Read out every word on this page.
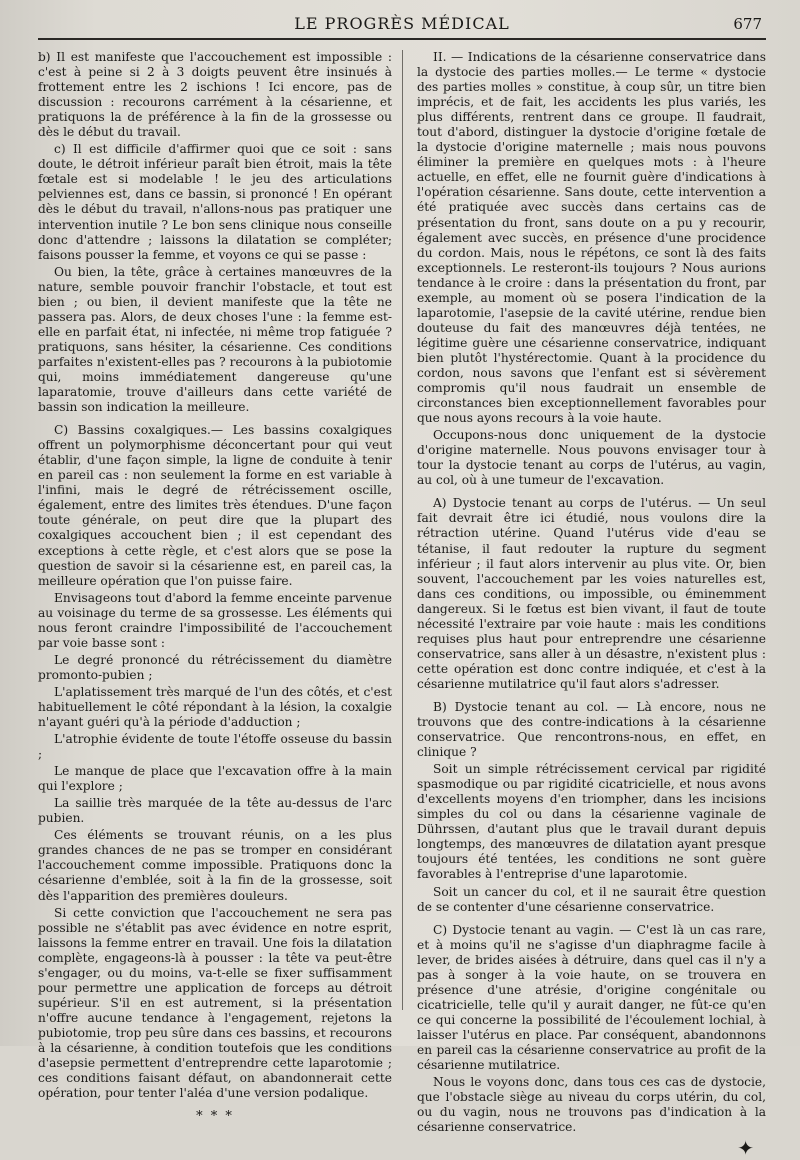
LE PROGRÈS MÉDICAL	677

b) Il est manifeste que l'accouchement est impossible : c'est à peine si 2 à 3 doigts peuvent être insinués à frottement entre les 2 ischions ! Ici encore, pas de discussion : recourons carrément à la césarienne, et pratiquons la de préférence à la fin de la grossesse ou dès le début du travail.

c) Il est difficile d'affirmer quoi que ce soit : sans doute, le détroit inférieur paraît bien étroit, mais la tête fœtale est si modelable ! le jeu des articulations pelviennes est, dans ce bassin, si prononcé ! En opérant dès le début du travail, n'allons-nous pas pratiquer une intervention inutile ? Le bon sens clinique nous conseille donc d'attendre ; laissons la dilatation se compléter; faisons pousser la femme, et voyons ce qui se passe :

Ou bien, la tête, grâce à certaines manœuvres de la nature, semble pouvoir franchir l'obstacle, et tout est bien ; ou bien, il devient manifeste que la tête ne passera pas. Alors, de deux choses l'une : la femme est-elle en parfait état, ni infectée, ni même trop fatiguée ? pratiquons, sans hésiter, la césarienne. Ces conditions parfaites n'existent-elles pas ? recourons à la pubiotomie qui, moins immédiatement dangereuse qu'une laparatomie, trouve d'ailleurs dans cette variété de bassin son indication la meilleure.

C) Bassins coxalgiques.— Les bassins coxalgiques offrent un polymorphisme déconcertant pour qui veut établir, d'une façon simple, la ligne de conduite à tenir en pareil cas : non seulement la forme en est variable à l'infini, mais le degré de rétrécissement oscille, également, entre des limites très étendues. D'une façon toute générale, on peut dire que la plupart des coxalgiques accouchent bien ; il est cependant des exceptions à cette règle, et c'est alors que se pose la question de savoir si la césarienne est, en pareil cas, la meilleure opération que l'on puisse faire.

Envisageons tout d'abord la femme enceinte parvenue au voisinage du terme de sa grossesse. Les éléments qui nous feront craindre l'impossibilité de l'accouchement par voie basse sont :

Le degré prononcé du rétrécissement du diamètre promonto-pubien ;

L'aplatissement très marqué de l'un des côtés, et c'est habituellement le côté répondant à la lésion, la coxalgie n'ayant guéri qu'à la période d'adduction ;

L'atrophie évidente de toute l'étoffe osseuse du bassin ;

Le manque de place que l'excavation offre à la main qui l'explore ;

La saillie très marquée de la tête au-dessus de l'arc pubien.

Ces éléments se trouvant réunis, on a les plus grandes chances de ne pas se tromper en considérant l'accouchement comme impossible. Pratiquons donc la césarienne d'emblée, soit à la fin de la grossesse, soit dès l'apparition des premières douleurs.

Si cette conviction que l'accouchement ne sera pas possible ne s'établit pas avec évidence en notre esprit, laissons la femme entrer en travail. Une fois la dilatation complète, engageons-là à pousser : la tête va peut-être s'engager, ou du moins, va-t-elle se fixer suffisamment pour permettre une application de forceps au détroit supérieur. S'il en est autrement, si la présentation n'offre aucune tendance à l'engagement, rejetons la pubiotomie, trop peu sûre dans ces bassins, et recourons à la césarienne, à condition toutefois que les conditions d'asepsie permettent d'entreprendre cette laparotomie ; ces conditions faisant défaut, on abandonnerait cette opération, pour tenter l'aléa d'une version podalique.

* * *

II. — Indications de la césarienne conservatrice dans la dystocie des parties molles.— Le terme « dystocie des parties molles » constitue, à coup sûr, un titre bien imprécis, et de fait, les accidents les plus variés, les plus différents, rentrent dans ce groupe. Il faudrait, tout d'abord, distinguer la dystocie d'origine fœtale de la dystocie d'origine maternelle ; mais nous pouvons éliminer la première en quelques mots : à l'heure actuelle, en effet, elle ne fournit guère d'indications à l'opération césarienne. Sans doute, cette intervention a été pratiquée avec succès dans certains cas de présentation du front, sans doute on a pu y recourir, également avec succès, en présence d'une procidence du cordon. Mais, nous le répétons, ce sont là des faits exceptionnels. Le resteront-ils toujours ? Nous aurions tendance à le croire : dans la présentation du front, par exemple, au moment où se posera l'indication de la laparotomie, l'asepsie de la cavité utérine, rendue bien douteuse du fait des manœuvres déjà tentées, ne légitime guère une césarienne conservatrice, indiquant bien plutôt l'hystérectomie. Quant à la procidence du cordon, nous savons que l'enfant est si sévèrement compromis qu'il nous faudrait un ensemble de circonstances bien exceptionnellement favorables pour que nous ayons recours à la voie haute.

Occupons-nous donc uniquement de la dystocie d'origine maternelle. Nous pouvons envisager tour à tour la dystocie tenant au corps de l'utérus, au vagin, au col, où à une tumeur de l'excavation.

A) Dystocie tenant au corps de l'utérus. — Un seul fait devrait être ici étudié, nous voulons dire la rétraction utérine. Quand l'utérus vide d'eau se tétanise, il faut redouter la rupture du segment inférieur ; il faut alors intervenir au plus vite. Or, bien souvent, l'accouchement par les voies naturelles est, dans ces conditions, ou impossible, ou éminemment dangereux. Si le fœtus est bien vivant, il faut de toute nécessité l'extraire par voie haute : mais les conditions requises plus haut pour entreprendre une césarienne conservatrice, sans aller à un désastre, n'existent plus : cette opération est donc contre indiquée, et c'est à la césarienne mutilatrice qu'il faut alors s'adresser.

B) Dystocie tenant au col. — Là encore, nous ne trouvons que des contre-indications à la césarienne conservatrice. Que rencontrons-nous, en effet, en clinique ?

Soit un simple rétrécissement cervical par rigidité spasmodique ou par rigidité cicatricielle, et nous avons d'excellents moyens d'en triompher, dans les incisions simples du col ou dans la césarienne vaginale de Dührssen, d'autant plus que le travail durant depuis longtemps, des manœuvres de dilatation ayant presque toujours été tentées, les conditions ne sont guère favorables à l'entreprise d'une laparotomie.

Soit un cancer du col, et il ne saurait être question de se contenter d'une césarienne conservatrice.

C) Dystocie tenant au vagin. — C'est là un cas rare, et à moins qu'il ne s'agisse d'un diaphragme facile à lever, de brides aisées à détruire, dans quel cas il n'y a pas à songer à la voie haute, on se trouvera en présence d'une atrésie, d'origine congénitale ou cicatricielle, telle qu'il y aurait danger, ne fût-ce qu'en ce qui concerne la possibilité de l'écoulement lochial, à laisser l'utérus en place. Par conséquent, abandonnons en pareil cas la césarienne conservatrice au profit de la césarienne mutilatrice.

Nous le voyons donc, dans tous ces cas de dystocie, que l'obstacle siège au niveau du corps utérin, du col, ou du vagin, nous ne trouvons pas d'indication à la césarienne conservatrice.

✦
